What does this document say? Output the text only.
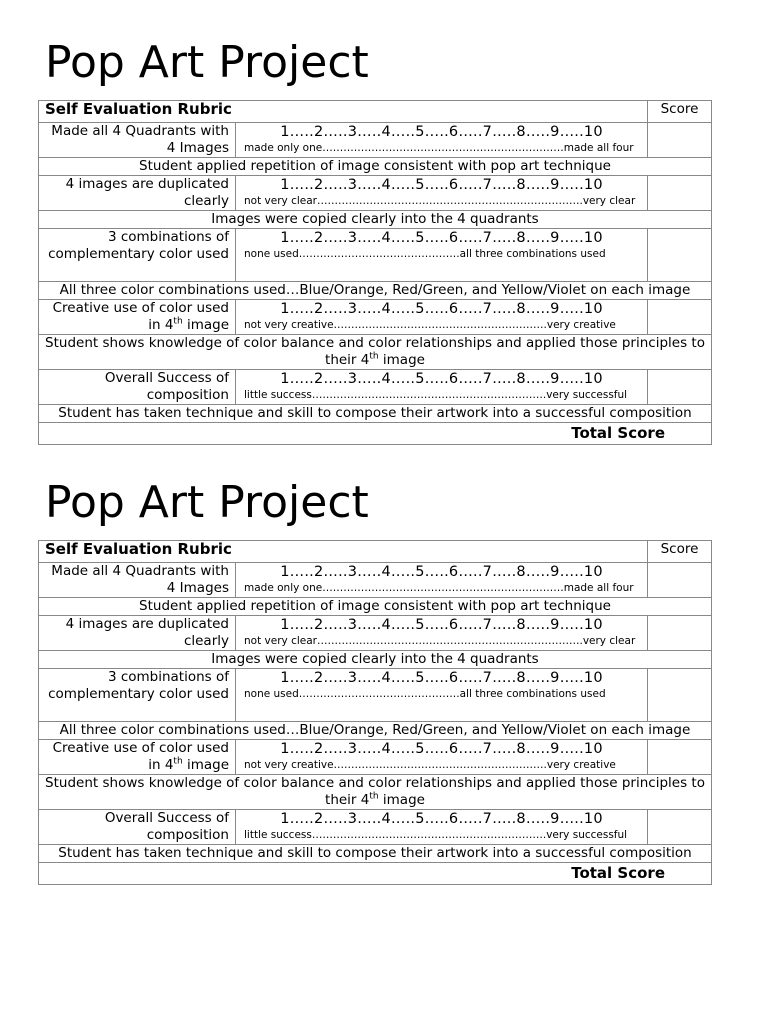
Pop Art Project
Self Evaluation Rubric		Score
Made all 4 Quadrants with 4 Images	1…..2…..3…..4…..5…..6…..7…..8…..9…..10
made only one……………………………………………………………made all four	

Student applied repetition of image consistent with pop art technique		
4 images are duplicated clearly	1…..2…..3…..4…..5…..6…..7…..8…..9…..10
not very clear………………………………………………………………….very clear	

Images were copied clearly into the 4 quadrants		
3 combinations of complementary color used	1…..2…..3…..4…..5…..6…..7…..8…..9…..10
none used……………………………………….all three combinations used	

All three color combinations used…Blue/Orange, Red/Green, and Yellow/Violet on each image		
Creative use of color used in 4th image	1…..2…..3…..4…..5…..6…..7…..8…..9…..10
not very creative…………………………………………………….very creative	

Student shows knowledge of color balance and color relationships and applied those principles to their 4th image		
Overall Success of composition	1…..2…..3…..4…..5…..6…..7…..8…..9…..10
little success………………………………………………………….very successful	

Student has taken technique and skill to compose their artwork into a successful composition		
Total Score		
Pop Art Project
Self Evaluation Rubric		Score
Made all 4 Quadrants with 4 Images	1…..2…..3…..4…..5…..6…..7…..8…..9…..10
made only one……………………………………………………………made all four	

Student applied repetition of image consistent with pop art technique		
4 images are duplicated clearly	1…..2…..3…..4…..5…..6…..7…..8…..9…..10
not very clear………………………………………………………………….very clear	

Images were copied clearly into the 4 quadrants		
3 combinations of complementary color used	1…..2…..3…..4…..5…..6…..7…..8…..9…..10
none used……………………………………….all three combinations used	

All three color combinations used…Blue/Orange, Red/Green, and Yellow/Violet on each image		
Creative use of color used in 4th image	1…..2…..3…..4…..5…..6…..7…..8…..9…..10
not very creative…………………………………………………….very creative	

Student shows knowledge of color balance and color relationships and applied those principles to their 4th image		
Overall Success of composition	1…..2…..3…..4…..5…..6…..7…..8…..9…..10
little success………………………………………………………….very successful	

Student has taken technique and skill to compose their artwork into a successful composition		
Total Score		
